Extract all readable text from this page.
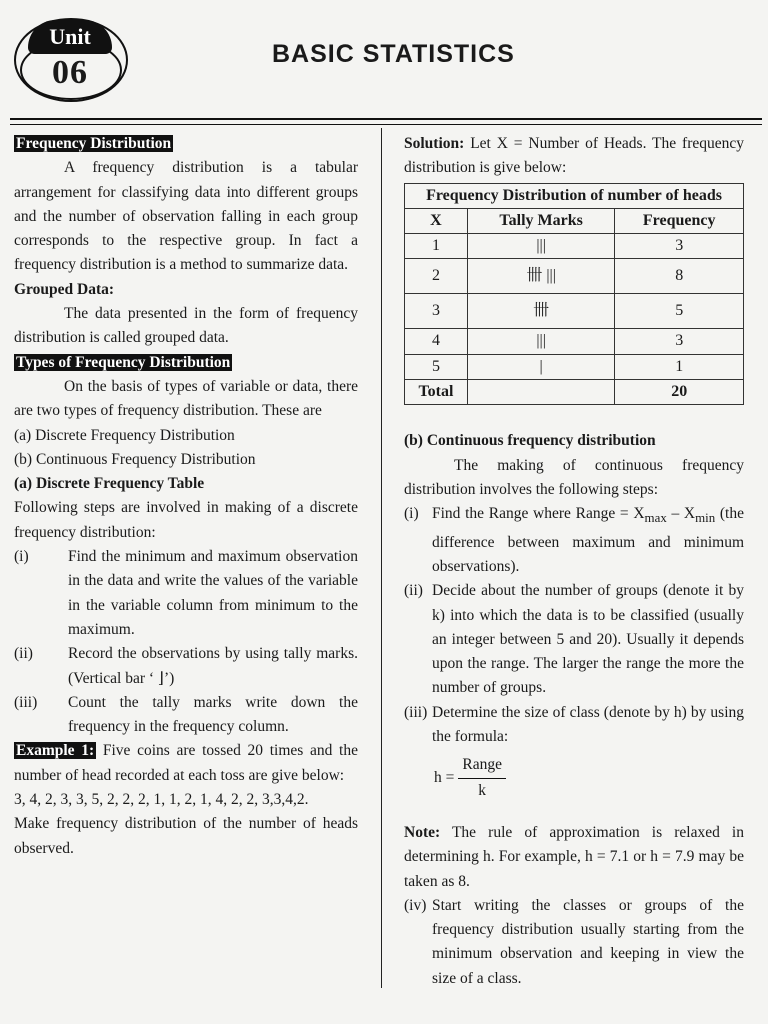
Unit
06	BASIC STATISTICS

Frequency Distribution

A frequency distribution is a tabular arrangement for classifying data into different groups and the number of observation falling in each group corresponds to the respective group. In fact a frequency distribution is a method to summarize data.

Grouped Data:

The data presented in the form of frequency distribution is called grouped data.

Types of Frequency Distribution

On the basis of types of variable or data, there are two types of frequency distribution. These are

(a) Discrete Frequency Distribution

(b) Continuous Frequency Distribution

(a) Discrete Frequency Table

Following steps are involved in making of a discrete frequency distribution:

(i)	Find the minimum and maximum observation in the data and write the values of the variable in the variable column from minimum to the maximum.
(ii)	Record the observations by using tally marks. (Vertical bar ‘ ⌋’)
(iii)	Count the tally marks write down the frequency in the frequency column.

Example 1: Five coins are tossed 20 times and the number of head recorded at each toss are give below:

3, 4, 2, 3, 3, 5, 2, 2, 2, 1, 1, 2, 1, 4, 2, 2, 3,3,4,2.

Make frequency distribution of the number of heads observed.

Solution: Let X = Number of Heads. The frequency distribution is give below:

Frequency Distribution of number of heads		
X	Tally Marks	Frequency
1	|||	3
2	卌 |||	8
3	卌	5
4	|||	3
5	|	1
Total		20

(b) Continuous frequency distribution

The making of continuous frequency distribution involves the following steps:

(i) Find the Range where Range = $X_{max} - X_{min}$ (the difference between maximum and minimum observations).
(ii) Decide about the number of groups (denote it by k) into which the data is to be classified (usually an integer between 5 and 20). Usually it depends upon the range. The larger the range the more the number of groups.
(iii) Determine the size of class (denote by h) by using the formula:
$h = \frac{\text{Range}}{k}$

Note: The rule of approximation is relaxed in determining h. For example, h = 7.1 or h = 7.9 may be taken as 8.

(iv) Start writing the classes or groups of the frequency distribution usually starting from the minimum observation and keeping in view the size of a class.
